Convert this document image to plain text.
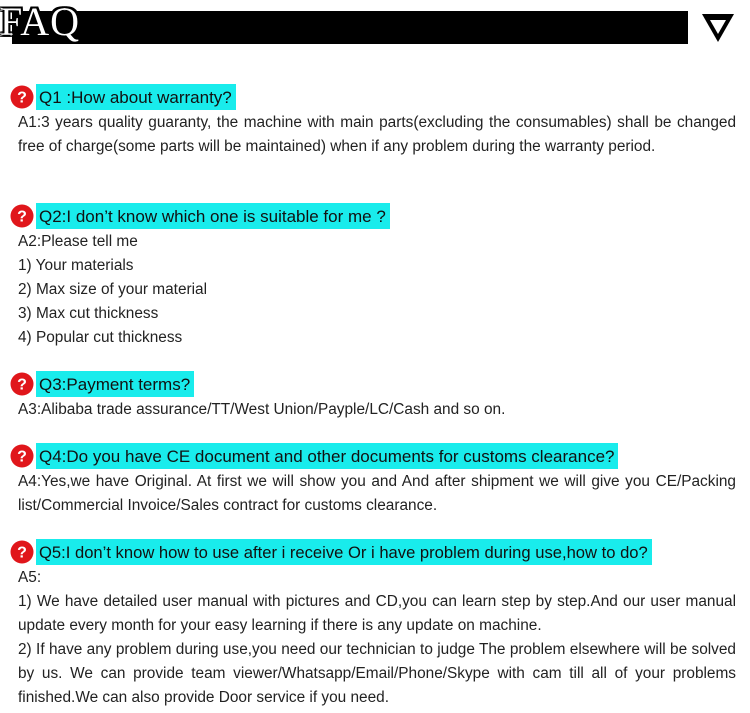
FAQ
? Q1 :How about warranty?

A1:3 years quality guaranty, the machine with main parts(excluding the consumables) shall be changed free of charge(some parts will be maintained) when if any problem during the warranty period.

? Q2:I don’t know which one is suitable for me ?

A2:Please tell me

1) Your materials

2) Max size of your material

3) Max cut thickness

4) Popular cut thickness

? Q3:Payment terms?

A3:Alibaba trade assurance/TT/West Union/Payple/LC/Cash and so on.

? Q4:Do you have CE document and other documents for customs clearance?

A4:Yes,we have Original. At first we will show you and And after shipment we will give you CE/Packing list/Commercial Invoice/Sales contract for customs clearance.

? Q5:I don’t know how to use after i receive Or i have problem during use,how to do?

A5:

1) We have detailed user manual with pictures and CD,you can learn step by step.And our user manual update every month for your easy learning if there is any update on machine.

2) If have any problem during use,you need our technician to judge The problem elsewhere will be solved by us. We can provide team viewer/Whatsapp/Email/Phone/Skype with cam till all of your problems finished.We can also provide Door service if you need.
